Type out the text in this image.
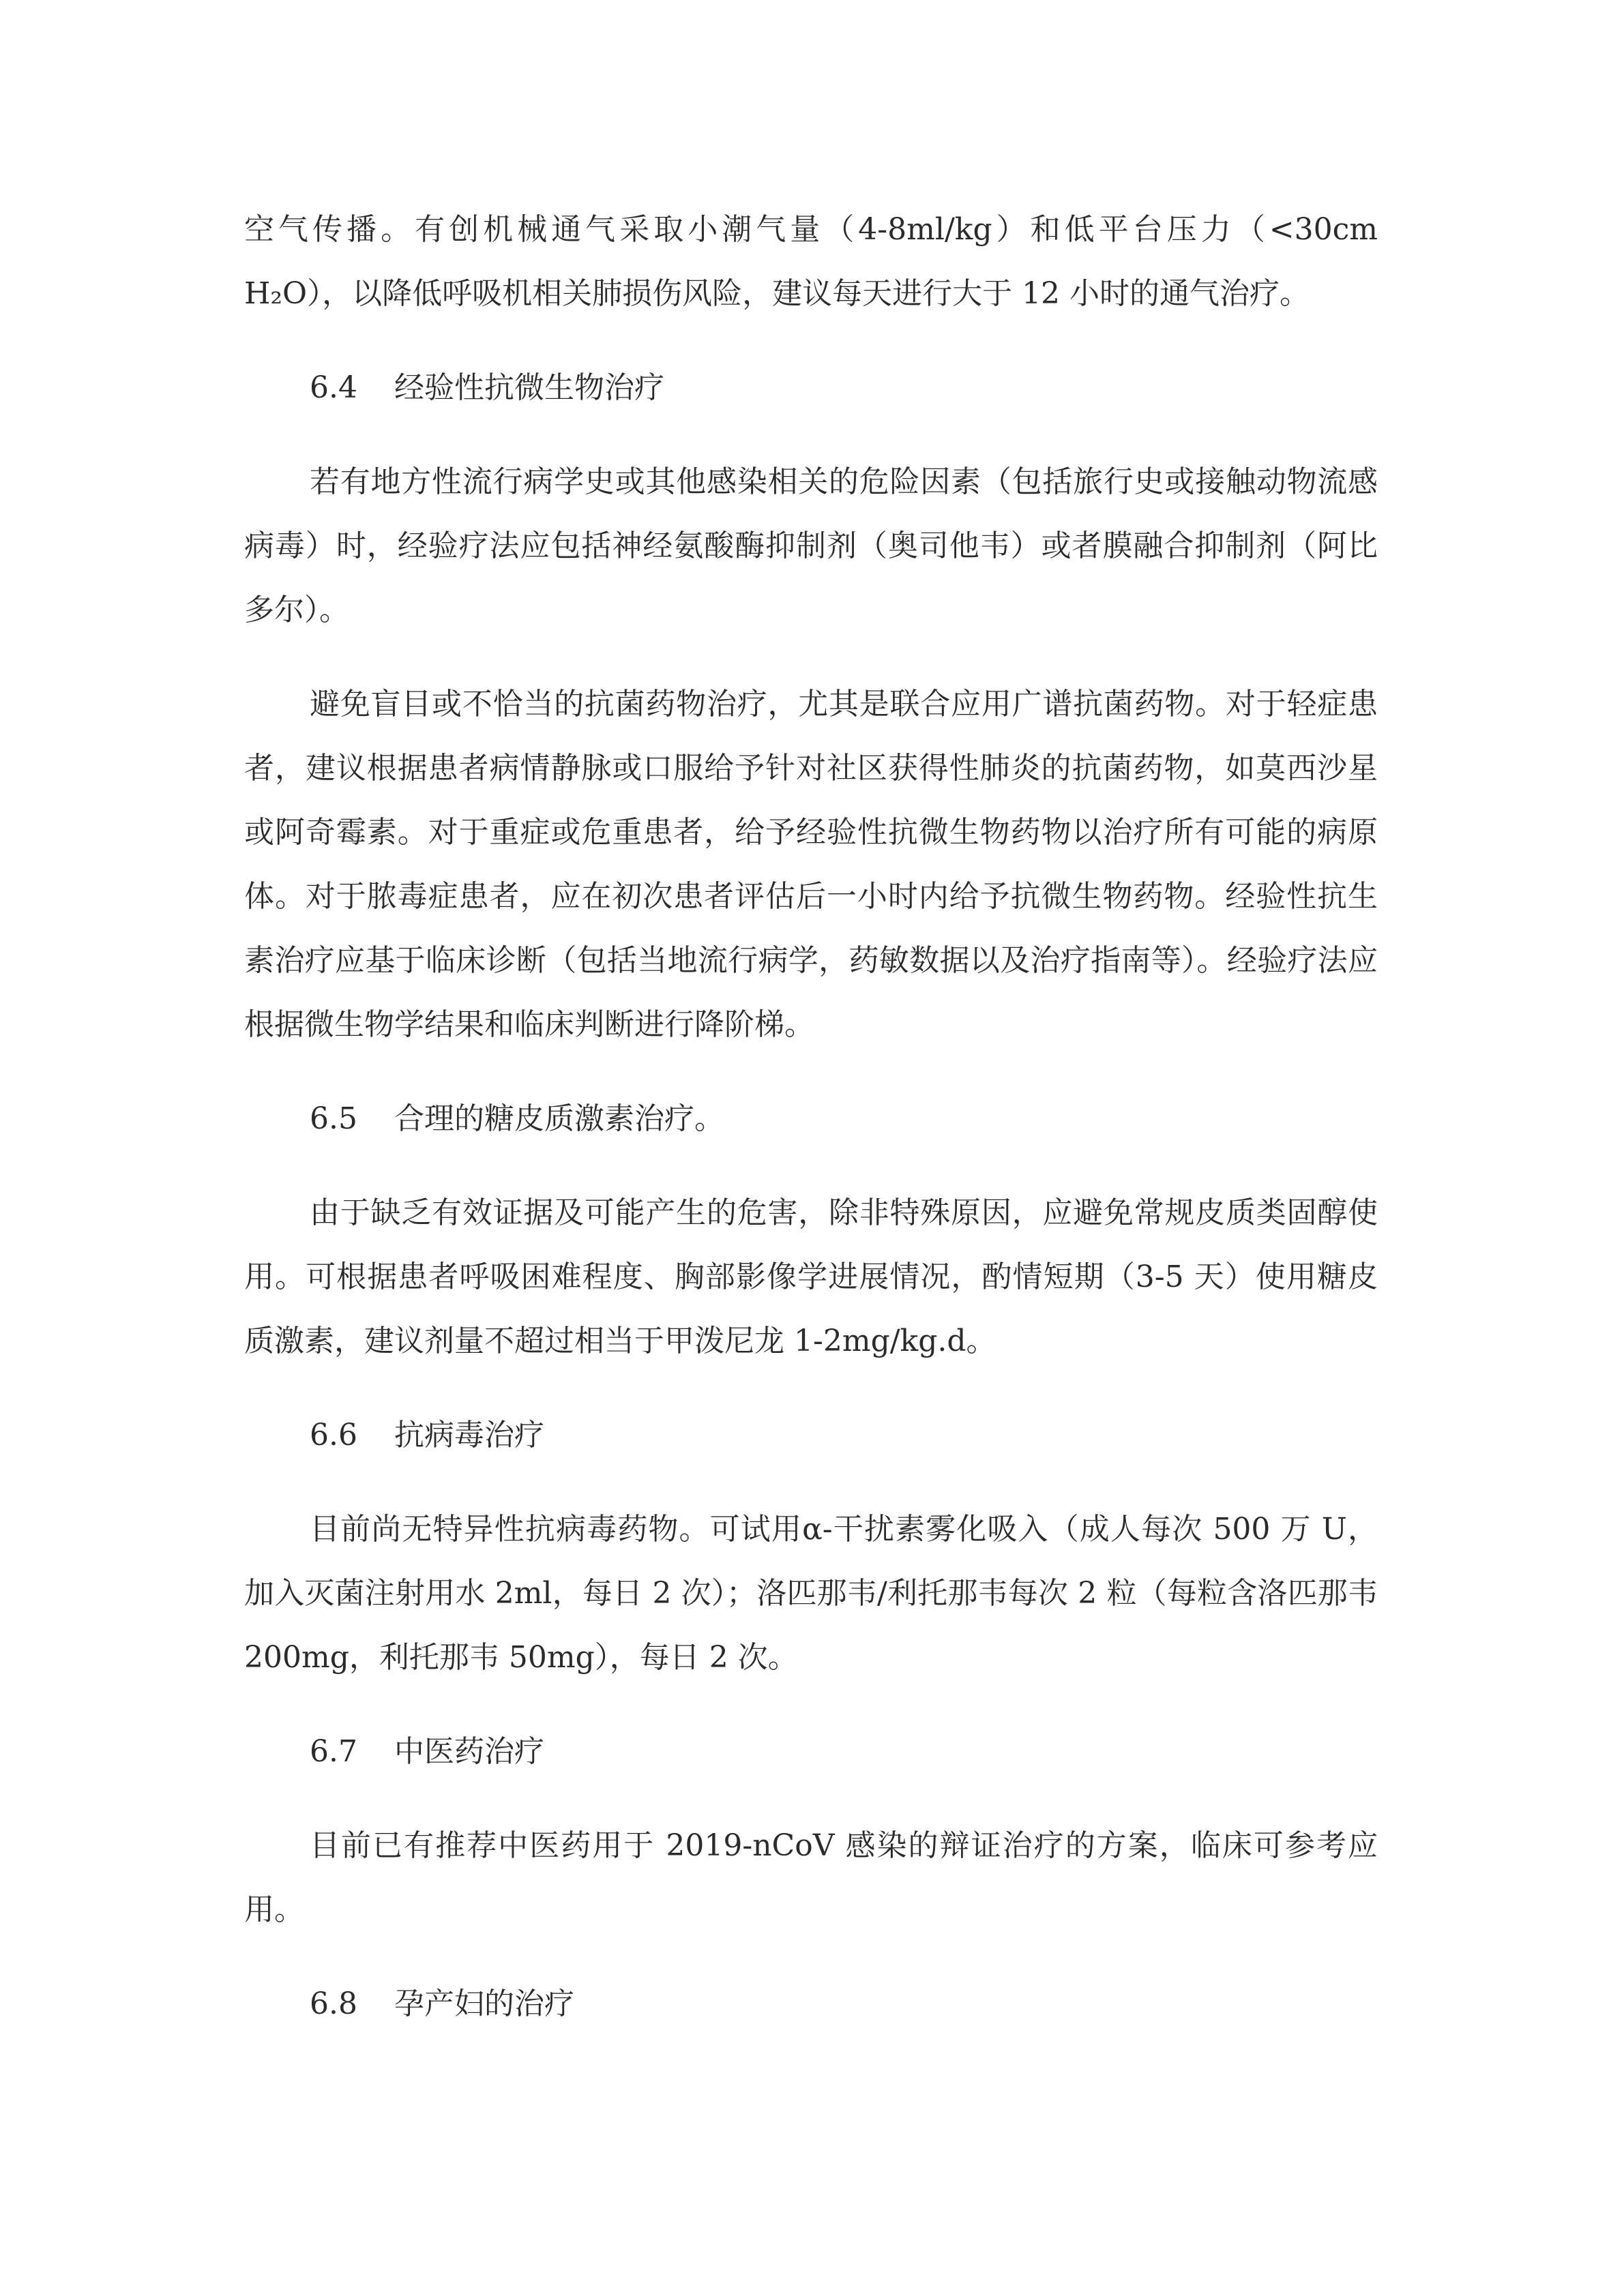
空气传播。有创机械通气采取小潮气量（4-8ml/kg）和低平台压力（<30cm H₂O），以降低呼吸机相关肺损伤风险，建议每天进行大于 12 小时的通气治疗。

6.4 经验性抗微生物治疗

若有地方性流行病学史或其他感染相关的危险因素（包括旅行史或接触动物流感病毒）时，经验疗法应包括神经氨酸酶抑制剂（奥司他韦）或者膜融合抑制剂（阿比多尔）。

避免盲目或不恰当的抗菌药物治疗，尤其是联合应用广谱抗菌药物。对于轻症患者，建议根据患者病情静脉或口服给予针对社区获得性肺炎的抗菌药物，如莫西沙星或阿奇霉素。对于重症或危重患者，给予经验性抗微生物药物以治疗所有可能的病原体。对于脓毒症患者，应在初次患者评估后一小时内给予抗微生物药物。经验性抗生素治疗应基于临床诊断（包括当地流行病学，药敏数据以及治疗指南等）。经验疗法应根据微生物学结果和临床判断进行降阶梯。

6.5 合理的糖皮质激素治疗。

由于缺乏有效证据及可能产生的危害，除非特殊原因，应避免常规皮质类固醇使用。可根据患者呼吸困难程度、胸部影像学进展情况，酌情短期（3-5 天）使用糖皮质激素，建议剂量不超过相当于甲泼尼龙 1-2mg/kg.d。

6.6 抗病毒治疗

目前尚无特异性抗病毒药物。可试用α-干扰素雾化吸入（成人每次 500 万 U，加入灭菌注射用水 2ml，每日 2 次）；洛匹那韦/利托那韦每次 2 粒（每粒含洛匹那韦 200mg，利托那韦 50mg），每日 2 次。

6.7 中医药治疗

目前已有推荐中医药用于 2019-nCoV 感染的辩证治疗的方案，临床可参考应用。

6.8 孕产妇的治疗
